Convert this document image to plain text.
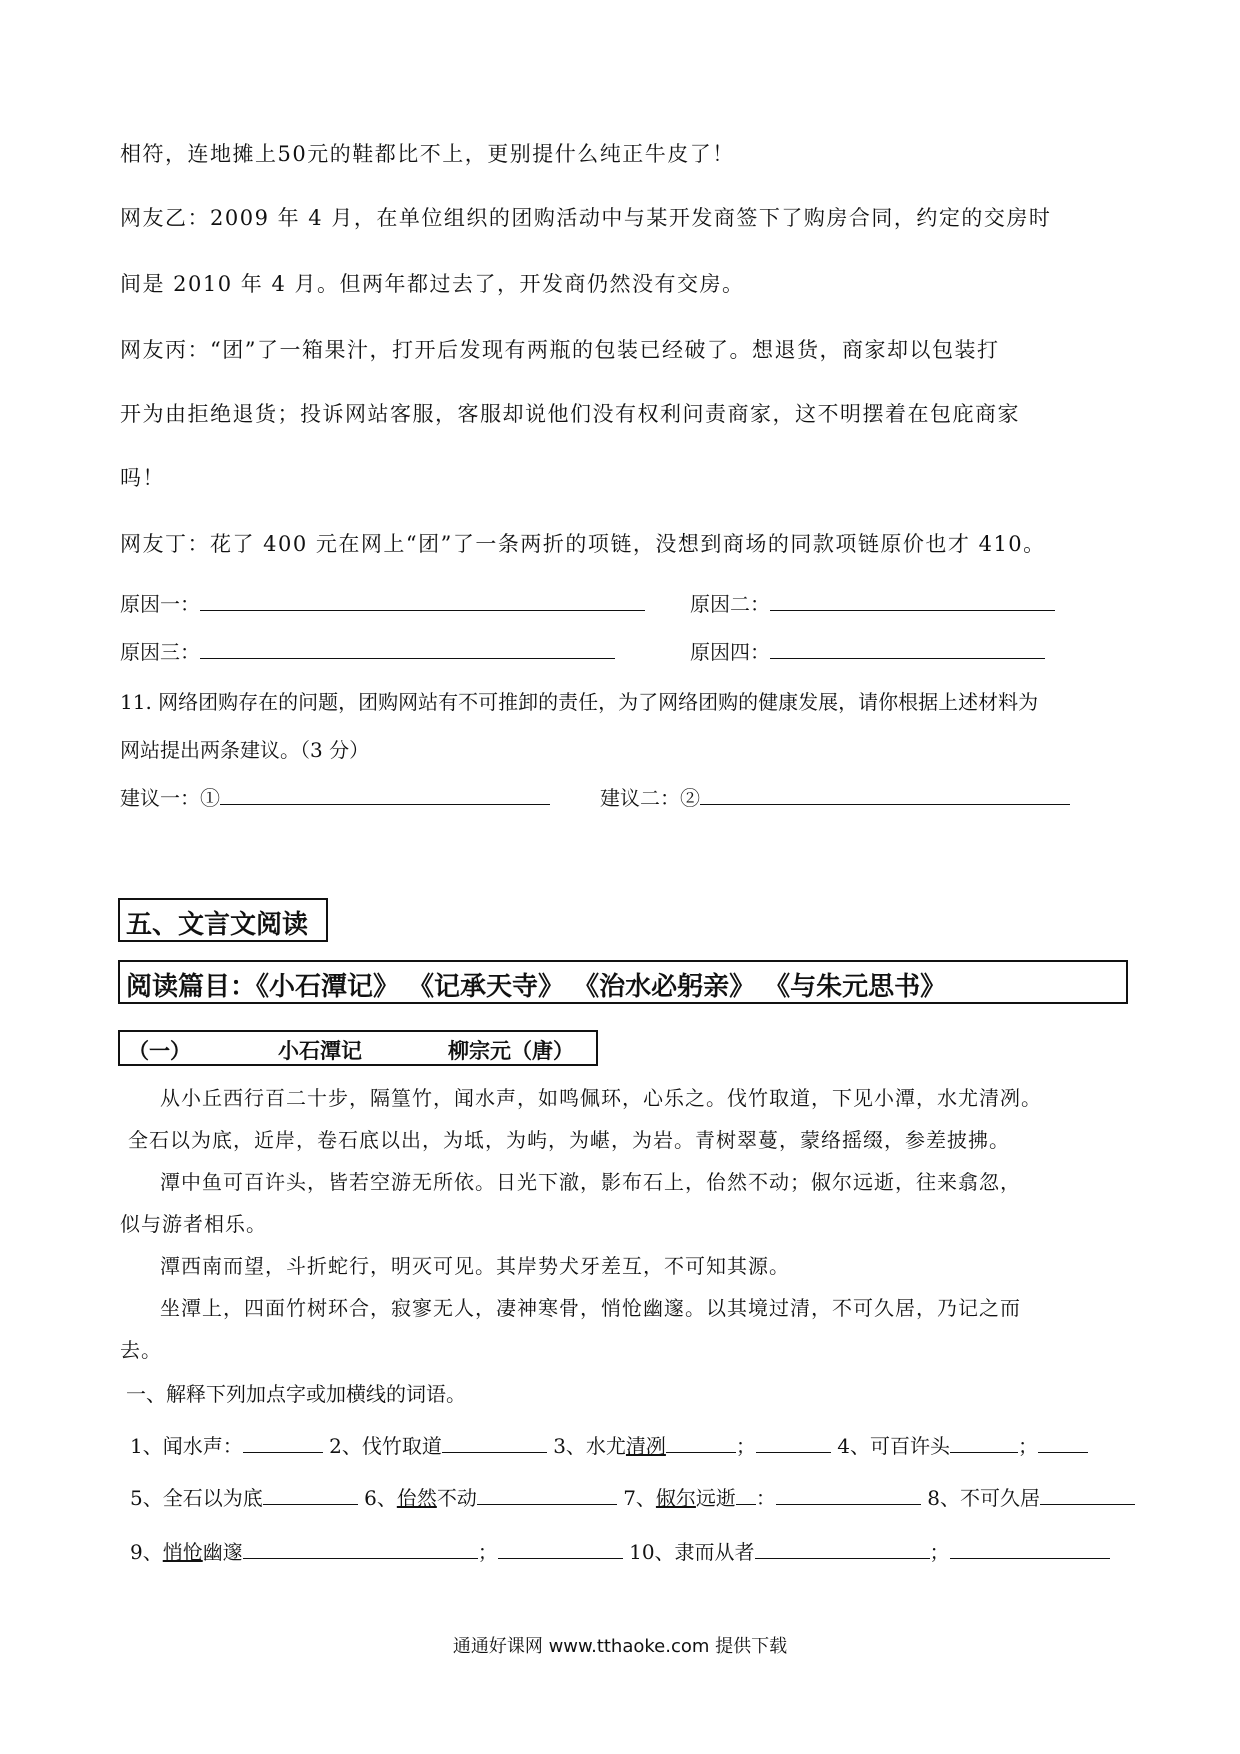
相符，连地摊上50元的鞋都比不上，更别提什么纯正牛皮了！
网友乙：2009 年 4 月，在单位组织的团购活动中与某开发商签下了购房合同，约定的交房时
间是 2010 年 4 月。但两年都过去了，开发商仍然没有交房。
网友丙：“团”了一箱果汁，打开后发现有两瓶的包装已经破了。想退货，商家却以包装打
开为由拒绝退货；投诉网站客服，客服却说他们没有权利问责商家，这不明摆着在包庇商家
吗！
网友丁：花了 400 元在网上“团”了一条两折的项链，没想到商场的同款项链原价也才 410。
原因一：	原因二：
原因三：	原因四：
11. 网络团购存在的问题，团购网站有不可推卸的责任，为了网络团购的健康发展，请你根据上述材料为
网站提出两条建议。（3 分）
建议一：①	建议二：②
五、文言文阅读
阅读篇目：《小石潭记》 《记承天寺》 《治水必躬亲》 《与朱元思书》
（一）	小石潭记	柳宗元（唐）
从小丘西行百二十步，隔篁竹，闻水声，如鸣佩环，心乐之。伐竹取道，下见小潭，水尤清冽。
全石以为底，近岸，卷石底以出，为坻，为屿，为嵁，为岩。青树翠蔓，蒙络摇缀，参差披拂。
潭中鱼可百许头，皆若空游无所依。日光下澈，影布石上，佁然不动；俶尔远逝，往来翕忽，
似与游者相乐。
潭西南而望，斗折蛇行，明灭可见。其岸势犬牙差互，不可知其源。
坐潭上，四面竹树环合，寂寥无人，凄神寒骨，悄怆幽邃。以其境过清，不可久居，乃记之而
去。
一、解释下列加点字或加横线的词语。
1、闻水声：	2、伐竹取道	3、水尤清冽	；	4、可百许头	；
5、全石以为底	6、佁然不动	7、俶尔远逝 ：	8、不可久居
9、悄怆幽邃	；	10、隶而从者	；
通通好课网 www.tthaoke.com 提供下载
